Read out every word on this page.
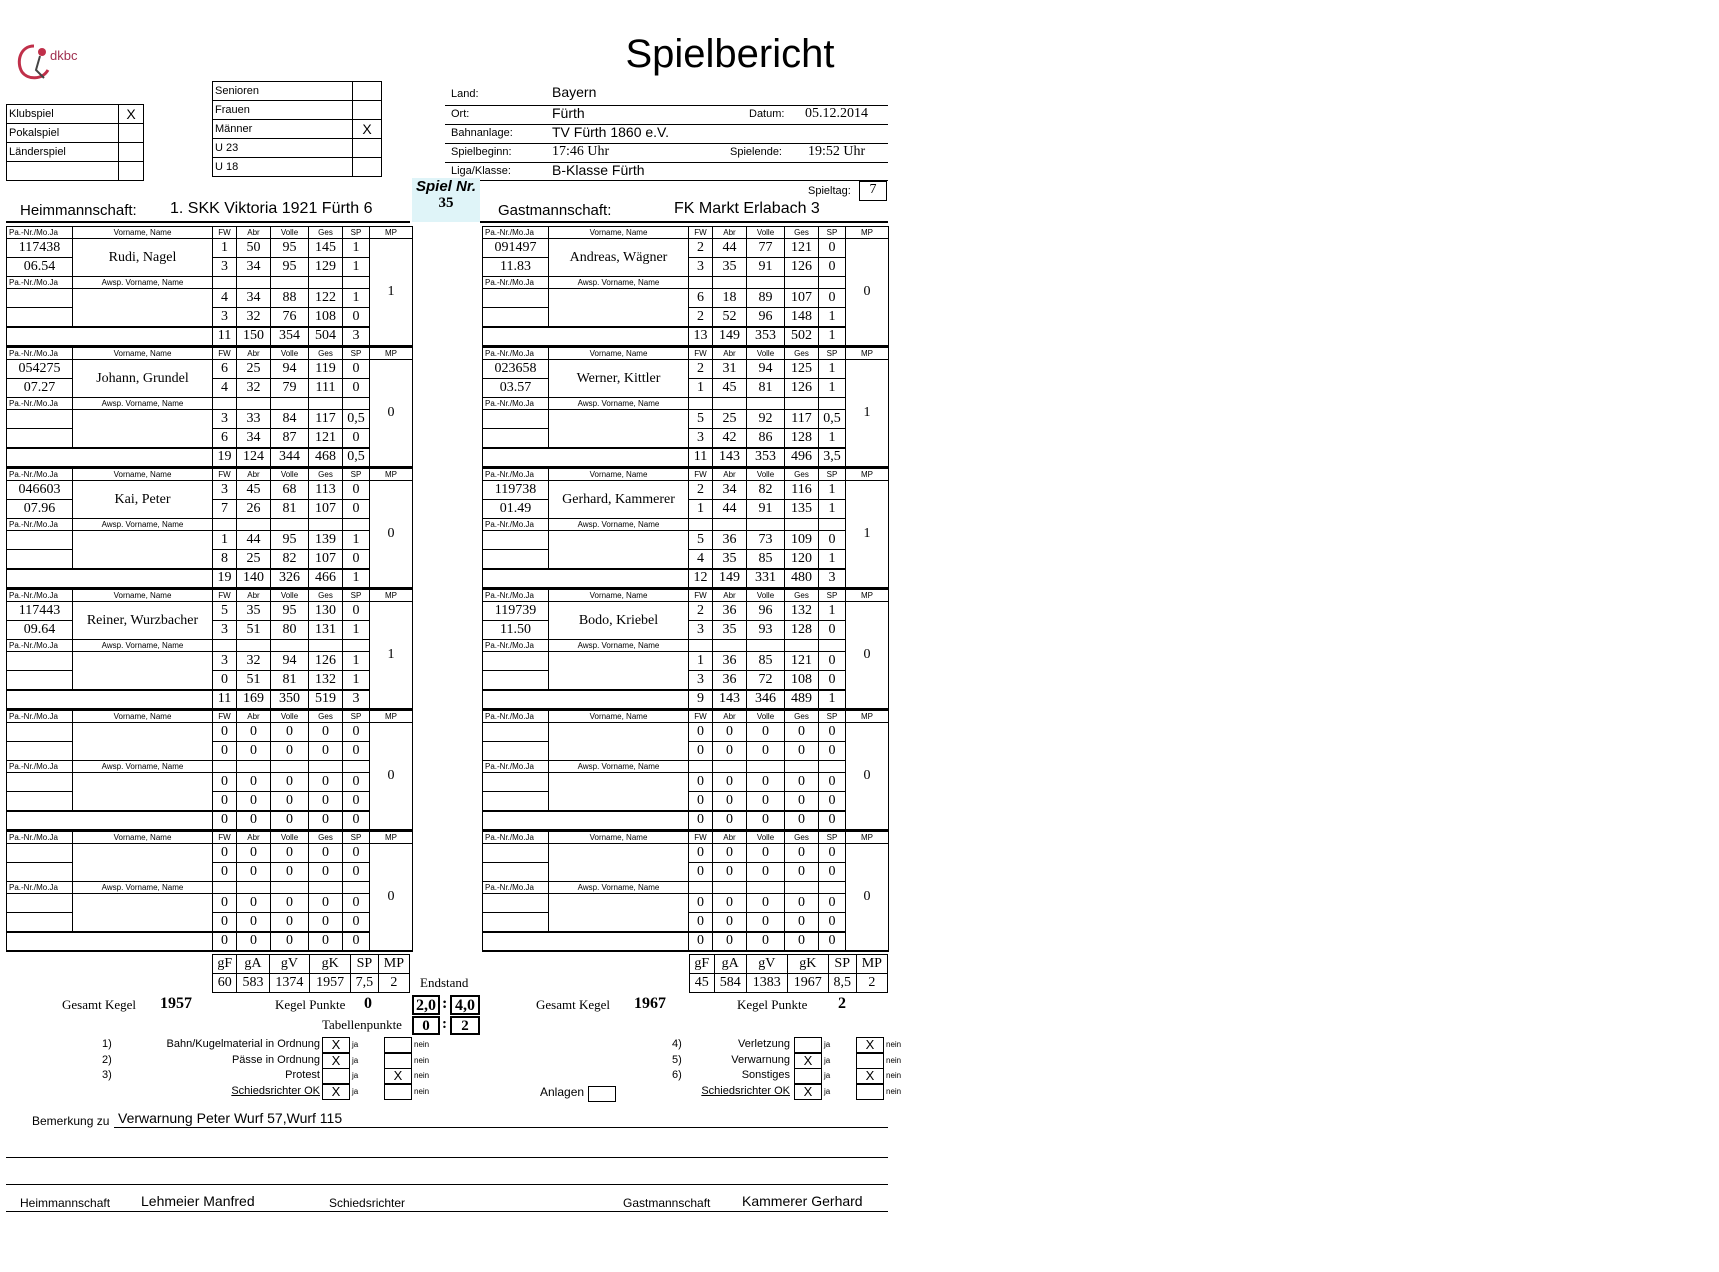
Spielbericht
dkbc
Klubspiel	X
Pokalspiel	
Länderspiel	

Senioren	
Frauen	
Männer	X
U 23	
U 18	
Land:	Bayern
Ort:	Fürth	Datum: 05.12.2014
Bahnanlage:	TV Fürth 1860 e.V.
Spielbeginn:	17:46 Uhr	Spielende: 19:52 Uhr
Liga/Klasse:	B-Klasse Fürth
Spieltag:	7
Spiel Nr.
35
Heimmannschaft: 1. SKK Viktoria 1921 Fürth 6	Gastmannschaft:	FK Markt Erlabach 3
Pa.-Nr./Mo.Ja	Vorname, Name	FW	Abr	Volle	Ges	SP	MP	
117438	Rudi, Nagel	1	50	95	145	1	1	
06.54		3	34	95	129	1		
Pa.-Nr./Mo.Ja	Awsp. Vorname, Name							
		4	34	88	122	1		
		3	32	76	108	0		
		11	150	354	504	3		
Pa.-Nr./Mo.Ja	Vorname, Name	FW	Abr	Volle	Ges	SP	MP	
054275	Johann, Grundel	6	25	94	119	0	0	
07.27		4	32	79	111	0		
Pa.-Nr./Mo.Ja	Awsp. Vorname, Name							
		3	33	84	117	0,5		
		6	34	87	121	0		
		19	124	344	468	0,5		
Pa.-Nr./Mo.Ja	Vorname, Name	FW	Abr	Volle	Ges	SP	MP	
046603	Kai, Peter	3	45	68	113	0	0	
07.96		7	26	81	107	0		
Pa.-Nr./Mo.Ja	Awsp. Vorname, Name							
		1	44	95	139	1		
		8	25	82	107	0		
		19	140	326	466	1		
Pa.-Nr./Mo.Ja	Vorname, Name	FW	Abr	Volle	Ges	SP	MP	
117443	Reiner, Wurzbacher	5	35	95	130	0	1	
09.64		3	51	80	131	1		
Pa.-Nr./Mo.Ja	Awsp. Vorname, Name							
		3	32	94	126	1		
		0	51	81	132	1		
		11	169	350	519	3		
Pa.-Nr./Mo.Ja	Vorname, Name	FW	Abr	Volle	Ges	SP	MP	
		0	0	0	0	0	0	
		0	0	0	0	0		
Pa.-Nr./Mo.Ja	Awsp. Vorname, Name							
		0	0	0	0	0		
		0	0	0	0	0		
		0	0	0	0	0		
Pa.-Nr./Mo.Ja	Vorname, Name	FW	Abr	Volle	Ges	SP	MP	
		0	0	0	0	0	0	
		0	0	0	0	0		
Pa.-Nr./Mo.Ja	Awsp. Vorname, Name							
		0	0	0	0	0		
		0	0	0	0	0		
		0	0	0	0	0		
Pa.-Nr./Mo.Ja	Vorname, Name	FW	Abr	Volle	Ges	SP	MP	
091497	Andreas, Wägner	2	44	77	121	0	0	
11.83		3	35	91	126	0		
Pa.-Nr./Mo.Ja	Awsp. Vorname, Name							
		6	18	89	107	0		
		2	52	96	148	1		
		13	149	353	502	1		
Pa.-Nr./Mo.Ja	Vorname, Name	FW	Abr	Volle	Ges	SP	MP	
023658	Werner, Kittler	2	31	94	125	1	1	
03.57		1	45	81	126	1		
Pa.-Nr./Mo.Ja	Awsp. Vorname, Name							
		5	25	92	117	0,5		
		3	42	86	128	1		
		11	143	353	496	3,5		
Pa.-Nr./Mo.Ja	Vorname, Name	FW	Abr	Volle	Ges	SP	MP	
119738	Gerhard, Kammerer	2	34	82	116	1	1	
01.49		1	44	91	135	1		
Pa.-Nr./Mo.Ja	Awsp. Vorname, Name							
		5	36	73	109	0		
		4	35	85	120	1		
		12	149	331	480	3		
Pa.-Nr./Mo.Ja	Vorname, Name	FW	Abr	Volle	Ges	SP	MP	
119739	Bodo, Kriebel	2	36	96	132	1	0	
11.50		3	35	93	128	0		
Pa.-Nr./Mo.Ja	Awsp. Vorname, Name							
		1	36	85	121	0		
		3	36	72	108	0		
		9	143	346	489	1		
Pa.-Nr./Mo.Ja	Vorname, Name	FW	Abr	Volle	Ges	SP	MP	
		0	0	0	0	0	0	
		0	0	0	0	0		
Pa.-Nr./Mo.Ja	Awsp. Vorname, Name							
		0	0	0	0	0		
		0	0	0	0	0		
		0	0	0	0	0		
Pa.-Nr./Mo.Ja	Vorname, Name	FW	Abr	Volle	Ges	SP	MP	
		0	0	0	0	0	0	
		0	0	0	0	0		
Pa.-Nr./Mo.Ja	Awsp. Vorname, Name							
		0	0	0	0	0		
		0	0	0	0	0		
		0	0	0	0	0		
gF	gA	gV	gK	SP	MP
60	583	1374	1957	7,5	2
gF	gA	gV	gK	SP	MP
45	584	1383	1967	8,5	2
Endstand
Gesamt Kegel 1957	Kegel Punkte 0	Gesamt Kegel 1967	Kegel Punkte 2
2,0 : 4,0
Tabellenpunkte	0 : 2
1)	Bahn/Kugelmaterial in Ordnung X	ja	nein
2)	Pässe in Ordnung X	ja	nein
3)	Protest	ja	X	nein
Schiedsrichter OK X	ja	nein
4)	Verletzung	ja	X	nein
5)	Verwarnung	X	ja	nein
6)	Sonstiges	ja	X	nein
Schiedsrichter OK	X	ja	nein
Anlagen
Bemerkung zu Verwarnung Peter Wurf 57,Wurf 115
Heimmannschaft Lehmeier Manfred	Schiedsrichter	Gastmannschaft Kammerer Gerhard
